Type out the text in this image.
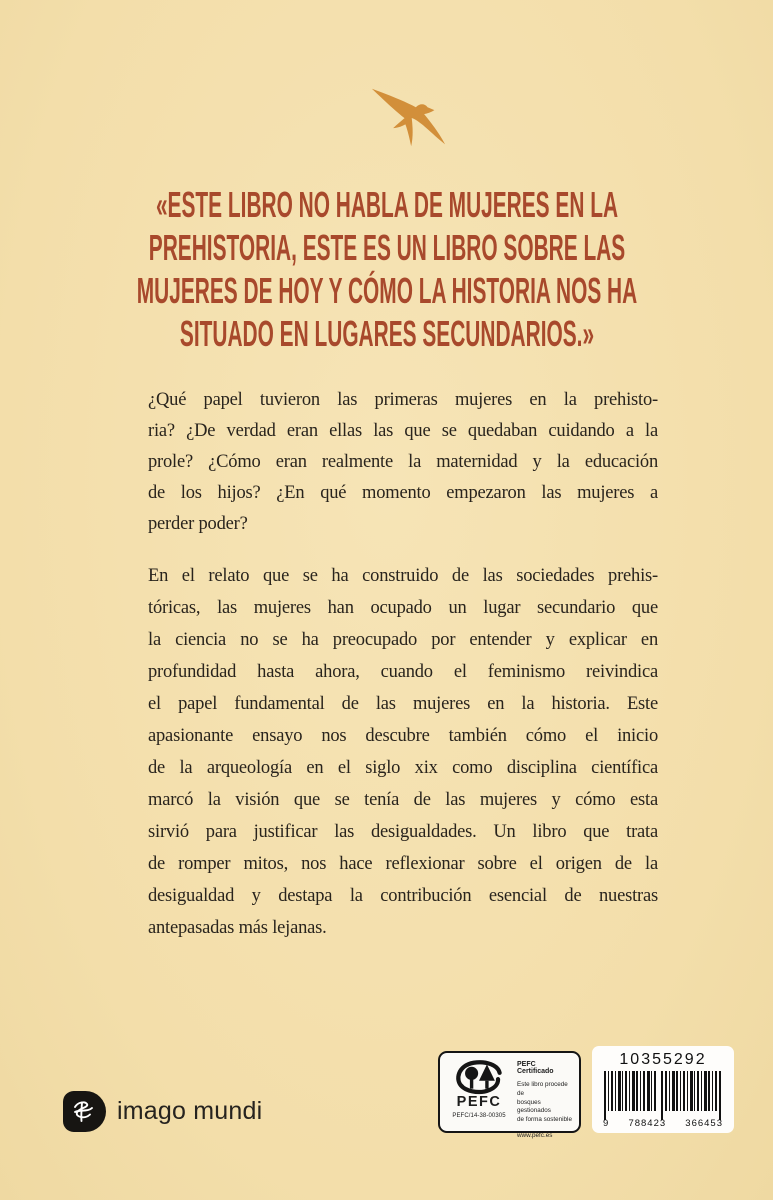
«ESTE LIBRO NO HABLA DE MUJERES EN LA
PREHISTORIA, ESTE ES UN LIBRO SOBRE LAS
MUJERES DE HOY Y CÓMO LA HISTORIA NOS HA
SITUADO EN LUGARES SECUNDARIOS.»
¿Qué papel tuvieron las primeras mujeres en la prehisto-
ria? ¿De verdad eran ellas las que se quedaban cuidando a la
prole? ¿Cómo eran realmente la maternidad y la educación
de los hijos? ¿En qué momento empezaron las mujeres a
perder poder?
En el relato que se ha construido de las sociedades prehis-
tóricas, las mujeres han ocupado un lugar secundario que
la ciencia no se ha preocupado por entender y explicar en
profundidad hasta ahora, cuando el feminismo reivindica
el papel fundamental de las mujeres en la historia. Este
apasionante ensayo nos descubre también cómo el inicio
de la arqueología en el siglo xix como disciplina científica
marcó la visión que se tenía de las mujeres y cómo esta
sirvió para justificar las desigualdades. Un libro que trata
de romper mitos, nos hace reflexionar sobre el origen de la
desigualdad y destapa la contribución esencial de nuestras
antepasadas más lejanas.
imago mundi	PEFC
PEFC/14-38-00305
PEFC Certificado
Este libro procede de
bosques gestionados
de forma sostenible
www.pefc.es
10355292
9 788423 366453
